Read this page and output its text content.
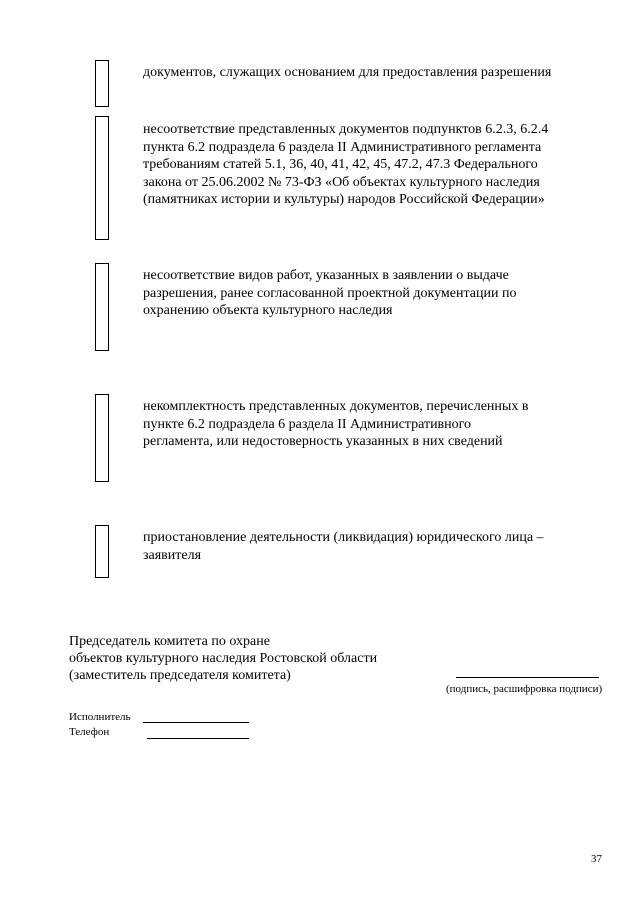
документов, служащих основанием для предоставления разрешения
несоответствие представленных документов подпунктов 6.2.3, 6.2.4
пункта 6.2 подраздела 6 раздела II Административного регламента
требованиям статей 5.1, 36, 40, 41, 42, 45, 47.2, 47.3 Федерального
закона от 25.06.2002 № 73-ФЗ «Об объектах культурного наследия
(памятниках истории и культуры) народов Российской Федерации»
несоответствие видов работ, указанных в заявлении о выдаче
разрешения, ранее согласованной проектной документации по
охранению объекта культурного наследия
некомплектность представленных документов, перечисленных в
пункте 6.2 подраздела 6 раздела II Административного
регламента, или недостоверность указанных в них сведений
приостановление деятельности (ликвидация) юридического лица –
заявителя
Председатель комитета по охране
объектов культурного наследия Ростовской области
(заместитель председателя комитета)
(подпись, расшифровка подписи)
Исполнитель
Телефон
37
